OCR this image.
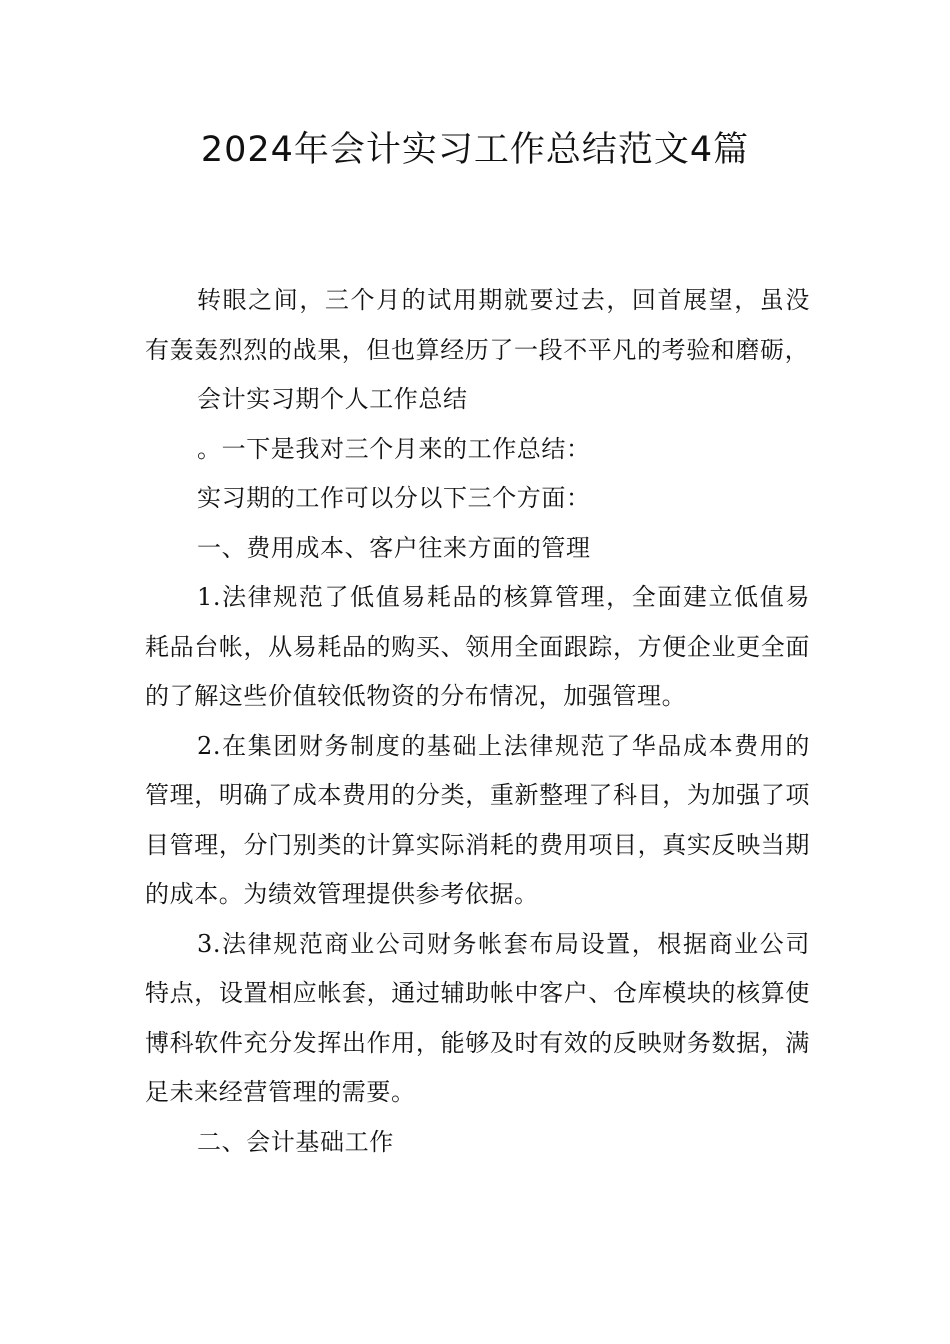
2024年会计实习工作总结范文4篇

转眼之间，三个月的试用期就要过去，回首展望，虽没有轰轰烈烈的战果，但也算经历了一段不平凡的考验和磨砺，

会计实习期个人工作总结

。一下是我对三个月来的工作总结：

实习期的工作可以分以下三个方面：

一、费用成本、客户往来方面的管理

1.法律规范了低值易耗品的核算管理，全面建立低值易耗品台帐，从易耗品的购买、领用全面跟踪，方便企业更全面的了解这些价值较低物资的分布情况，加强管理。

2.在集团财务制度的基础上法律规范了华品成本费用的管理，明确了成本费用的分类，重新整理了科目，为加强了项目管理，分门别类的计算实际消耗的费用项目，真实反映当期的成本。为绩效管理提供参考依据。

3.法律规范商业公司财务帐套布局设置，根据商业公司特点，设置相应帐套，通过辅助帐中客户、仓库模块的核算使博科软件充分发挥出作用，能够及时有效的反映财务数据，满足未来经营管理的需要。

二、会计基础工作
